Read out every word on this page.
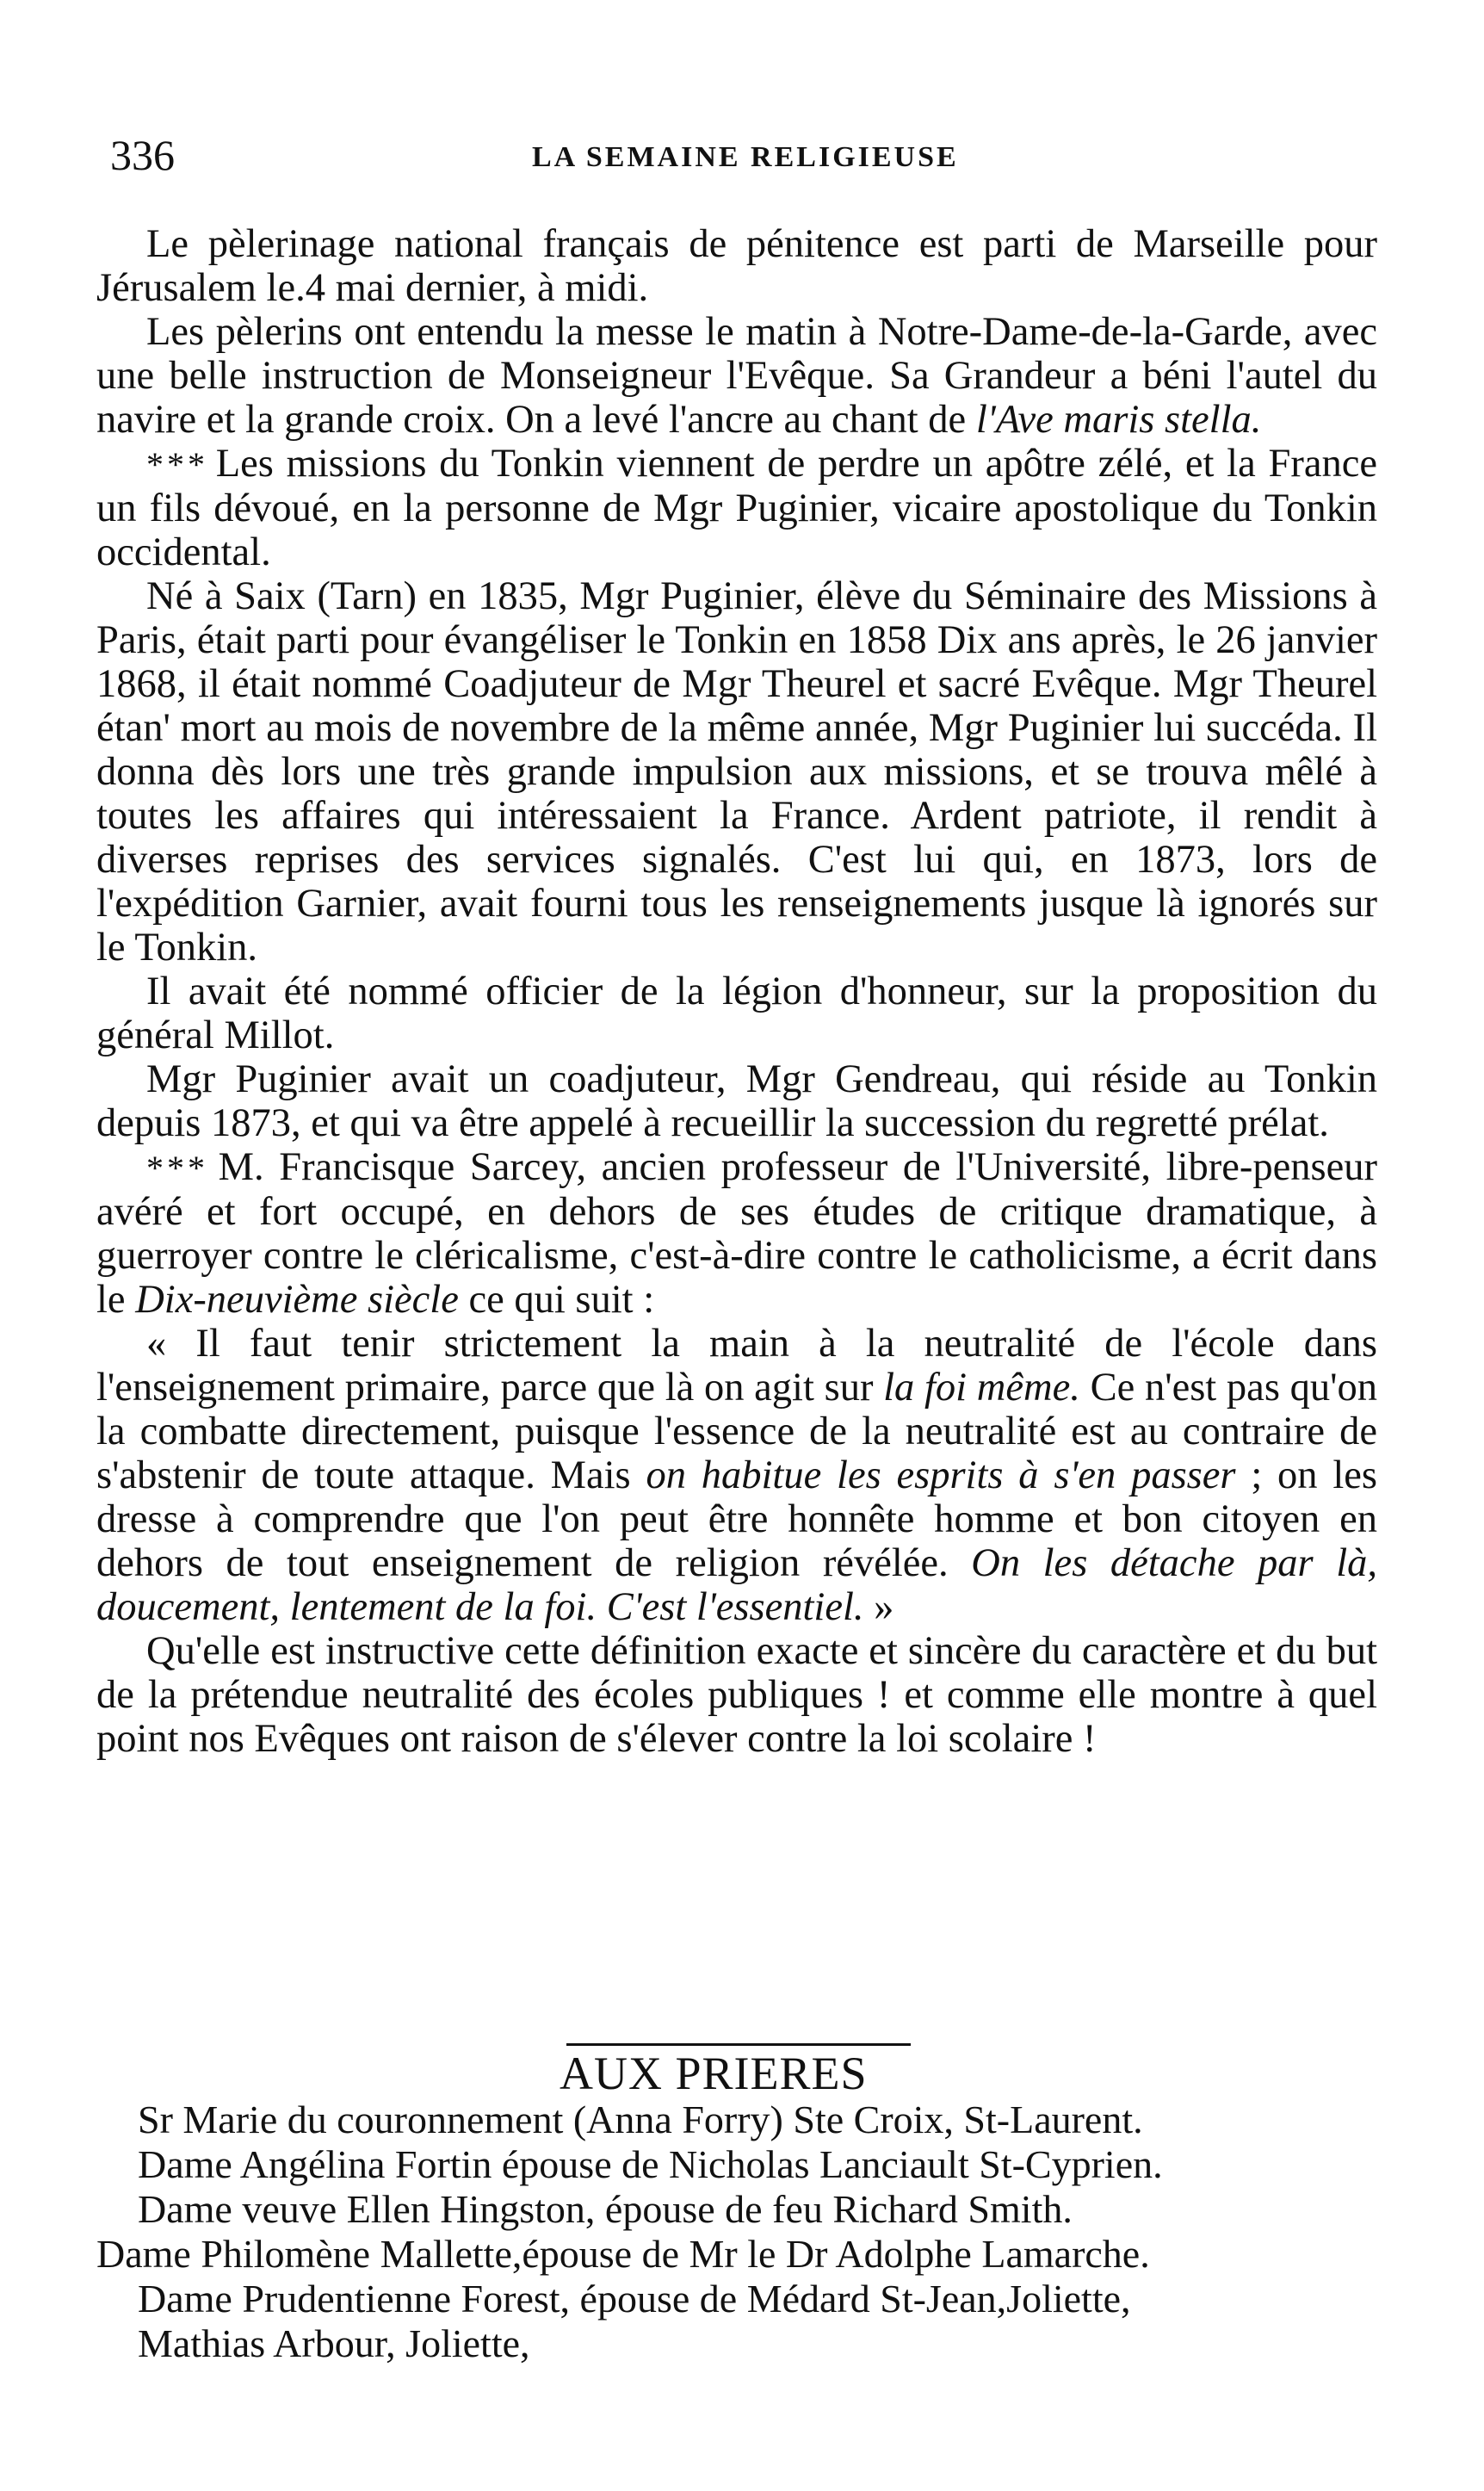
336	LA SEMAINE RELIGIEUSE

Le pèlerinage national français de pénitence est parti de Marseille pour Jérusalem le.4 mai dernier, à midi.

Les pèlerins ont entendu la messe le matin à Notre-Dame-de-la-Garde, avec une belle instruction de Monseigneur l'Evêque. Sa Grandeur a béni l'autel du navire et la grande croix. On a levé l'ancre au chant de l'Ave maris stella.

* * * Les missions du Tonkin viennent de perdre un apôtre zélé, et la France un fils dévoué, en la personne de Mgr Puginier, vicaire apostolique du Tonkin occidental.

Né à Saix (Tarn) en 1835, Mgr Puginier, élève du Séminaire des Missions à Paris, était parti pour évangéliser le Tonkin en 1858 Dix ans après, le 26 janvier 1868, il était nommé Coadjuteur de Mgr Theurel et sacré Evêque. Mgr Theurel étan' mort au mois de novembre de la même année, Mgr Puginier lui succéda. Il donna dès lors une très grande impulsion aux missions, et se trouva mêlé à toutes les affaires qui intéressaient la France. Ardent patriote, il rendit à diverses reprises des services signalés. C'est lui qui, en 1873, lors de l'expédition Garnier, avait fourni tous les renseignements jusque là ignorés sur le Tonkin.

Il avait été nommé officier de la légion d'honneur, sur la proposition du général Millot.

Mgr Puginier avait un coadjuteur, Mgr Gendreau, qui réside au Tonkin depuis 1873, et qui va être appelé à recueillir la succession du regretté prélat.

* * * M. Francisque Sarcey, ancien professeur de l'Université, libre-penseur avéré et fort occupé, en dehors de ses études de critique dramatique, à guerroyer contre le cléricalisme, c'est-à-dire contre le catholicisme, a écrit dans le Dix-neuvième siècle ce qui suit :

« Il faut tenir strictement la main à la neutralité de l'école dans l'enseignement primaire, parce que là on agit sur la foi même. Ce n'est pas qu'on la combatte directement, puisque l'essence de la neutralité est au contraire de s'abstenir de toute attaque. Mais on habitue les esprits à s'en passer ; on les dresse à comprendre que l'on peut être honnête homme et bon citoyen en dehors de tout enseignement de religion révélée. On les détache par là, doucement, lentement de la foi. C'est l'essentiel. »

Qu'elle est instructive cette définition exacte et sincère du caractère et du but de la prétendue neutralité des écoles publiques ! et comme elle montre à quel point nos Evêques ont raison de s'élever contre la loi scolaire !

AUX PRIERES

Sr Marie du couronnement (Anna Forry) Ste Croix, St-Laurent.

Dame Angélina Fortin épouse de Nicholas Lanciault St-Cyprien.

Dame veuve Ellen Hingston, épouse de feu Richard Smith.

Dame Philomène Mallette,épouse de Mr le Dr Adolphe Lamarche.

Dame Prudentienne Forest, épouse de Médard St-Jean,Joliette,

Mathias Arbour, Joliette,
